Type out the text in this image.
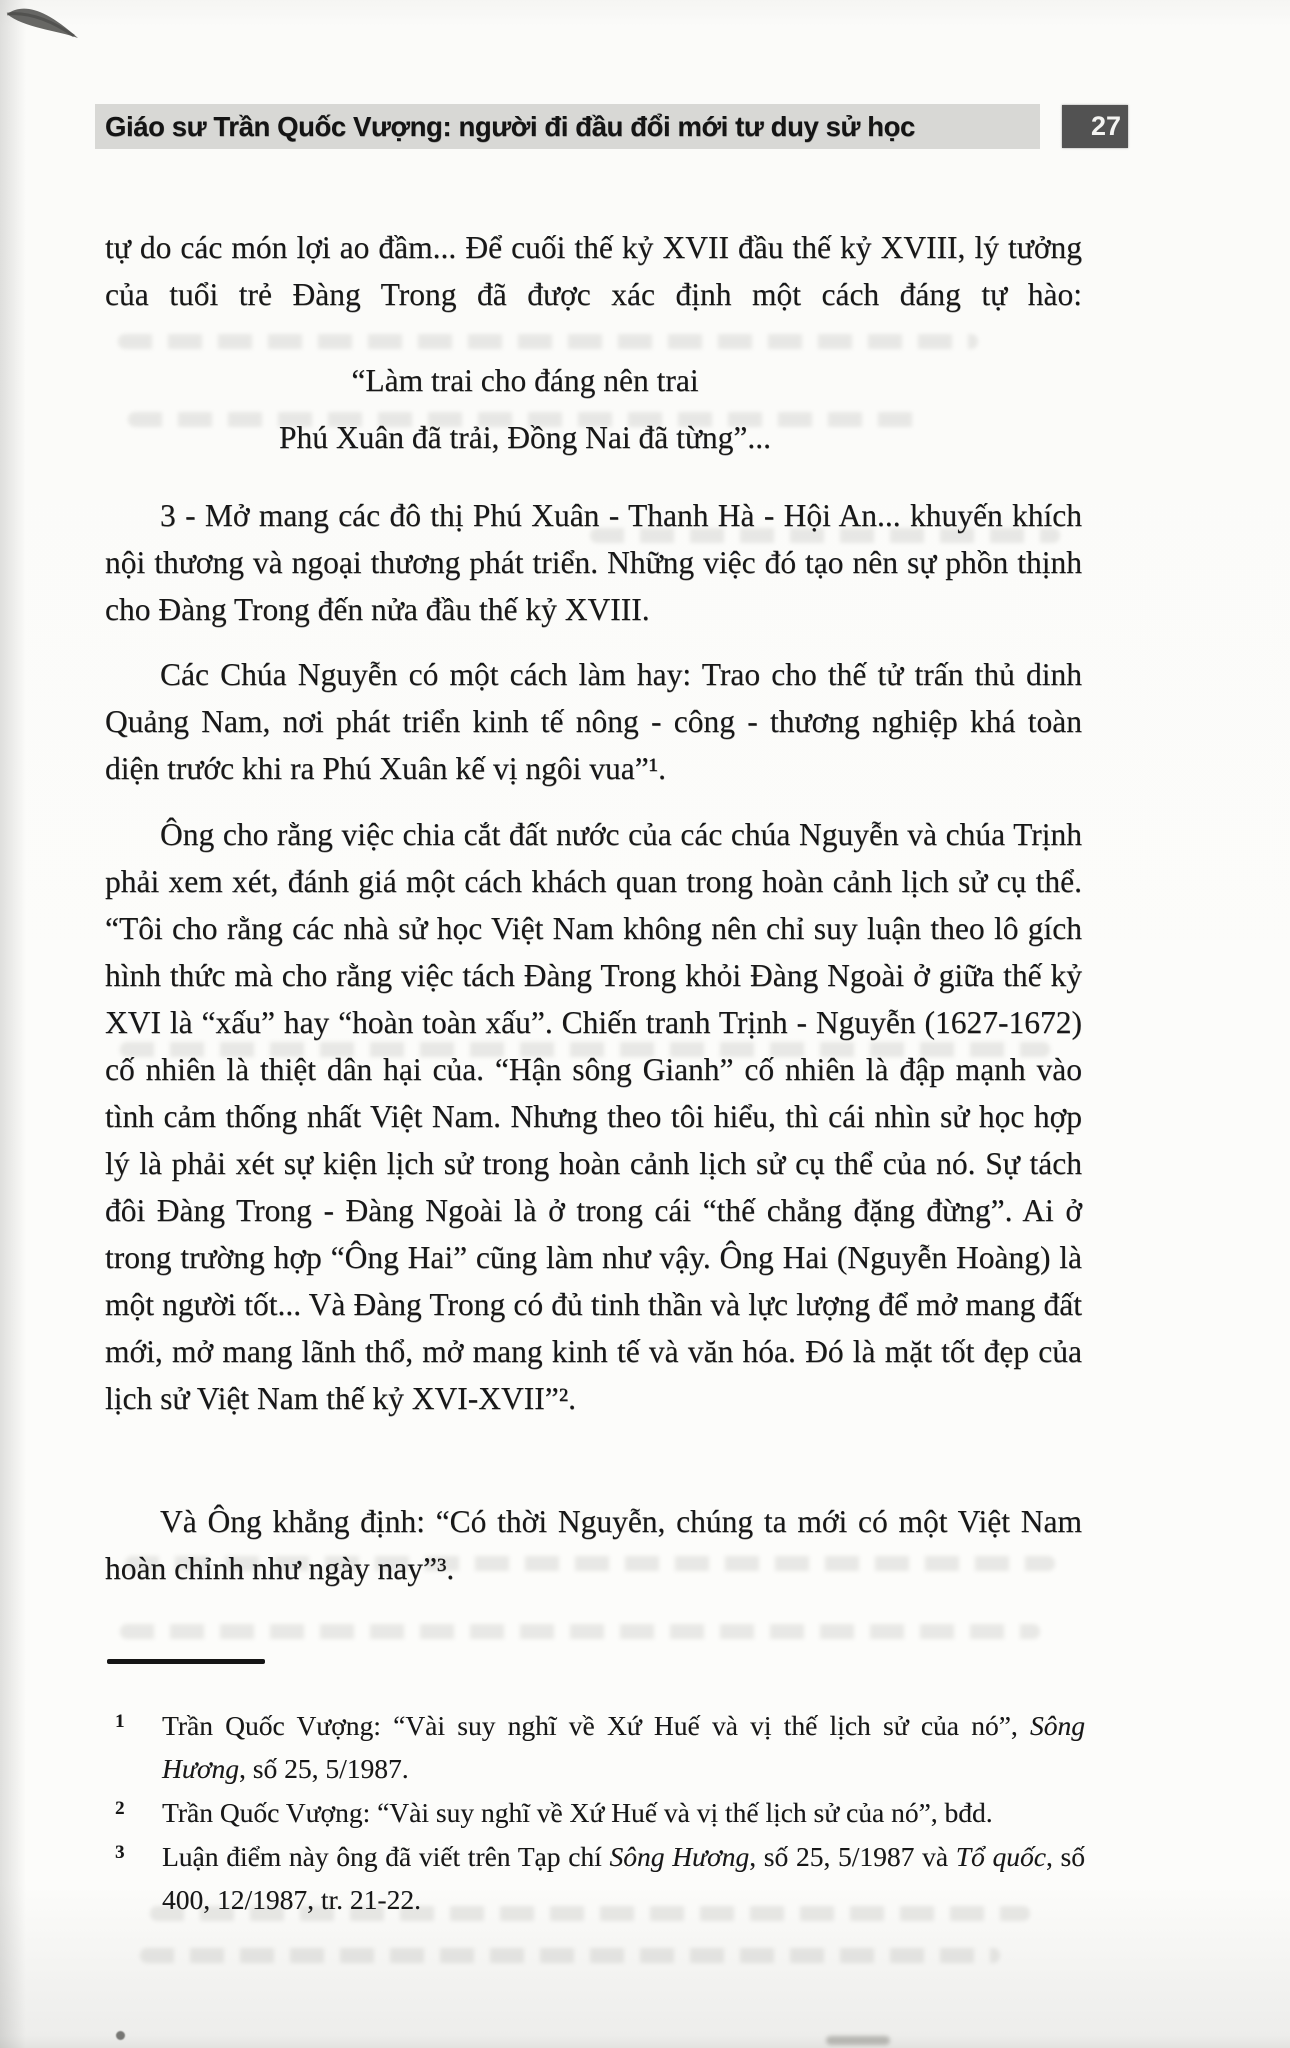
Giáo sư Trần Quốc Vượng: người đi đầu đổi mới tư duy sử học	27

tự do các món lợi ao đầm... Để cuối thế kỷ XVII đầu thế kỷ XVIII, lý tưởng của tuổi trẻ Đàng Trong đã được xác định một cách đáng tự hào:

“Làm trai cho đáng nên trai
Phú Xuân đã trải, Đồng Nai đã từng”...

3 - Mở mang các đô thị Phú Xuân - Thanh Hà - Hội An... khuyến khích nội thương và ngoại thương phát triển. Những việc đó tạo nên sự phồn thịnh cho Đàng Trong đến nửa đầu thế kỷ XVIII.

Các Chúa Nguyễn có một cách làm hay: Trao cho thế tử trấn thủ dinh Quảng Nam, nơi phát triển kinh tế nông - công - thương nghiệp khá toàn diện trước khi ra Phú Xuân kế vị ngôi vua”¹.

Ông cho rằng việc chia cắt đất nước của các chúa Nguyễn và chúa Trịnh phải xem xét, đánh giá một cách khách quan trong hoàn cảnh lịch sử cụ thể. “Tôi cho rằng các nhà sử học Việt Nam không nên chỉ suy luận theo lô gích hình thức mà cho rằng việc tách Đàng Trong khỏi Đàng Ngoài ở giữa thế kỷ XVI là “xấu” hay “hoàn toàn xấu”. Chiến tranh Trịnh - Nguyễn (1627-1672) cố nhiên là thiệt dân hại của. “Hận sông Gianh” cố nhiên là đập mạnh vào tình cảm thống nhất Việt Nam. Nhưng theo tôi hiểu, thì cái nhìn sử học hợp lý là phải xét sự kiện lịch sử trong hoàn cảnh lịch sử cụ thể của nó. Sự tách đôi Đàng Trong - Đàng Ngoài là ở trong cái “thế chẳng đặng đừng”. Ai ở trong trường hợp “Ông Hai” cũng làm như vậy. Ông Hai (Nguyễn Hoàng) là một người tốt... Và Đàng Trong có đủ tinh thần và lực lượng để mở mang đất mới, mở mang lãnh thổ, mở mang kinh tế và văn hóa. Đó là mặt tốt đẹp của lịch sử Việt Nam thế kỷ XVI-XVII”².

Và Ông khẳng định: “Có thời Nguyễn, chúng ta mới có một Việt Nam hoàn chỉnh như ngày nay”³.

1 Trần Quốc Vượng: “Vài suy nghĩ về Xứ Huế và vị thế lịch sử của nó”, Sông Hương, số 25, 5/1987.
2 Trần Quốc Vượng: “Vài suy nghĩ về Xứ Huế và vị thế lịch sử của nó”, bđd.
3 Luận điểm này ông đã viết trên Tạp chí Sông Hương, số 25, 5/1987 và Tổ quốc, số 400, 12/1987, tr. 21-22.
